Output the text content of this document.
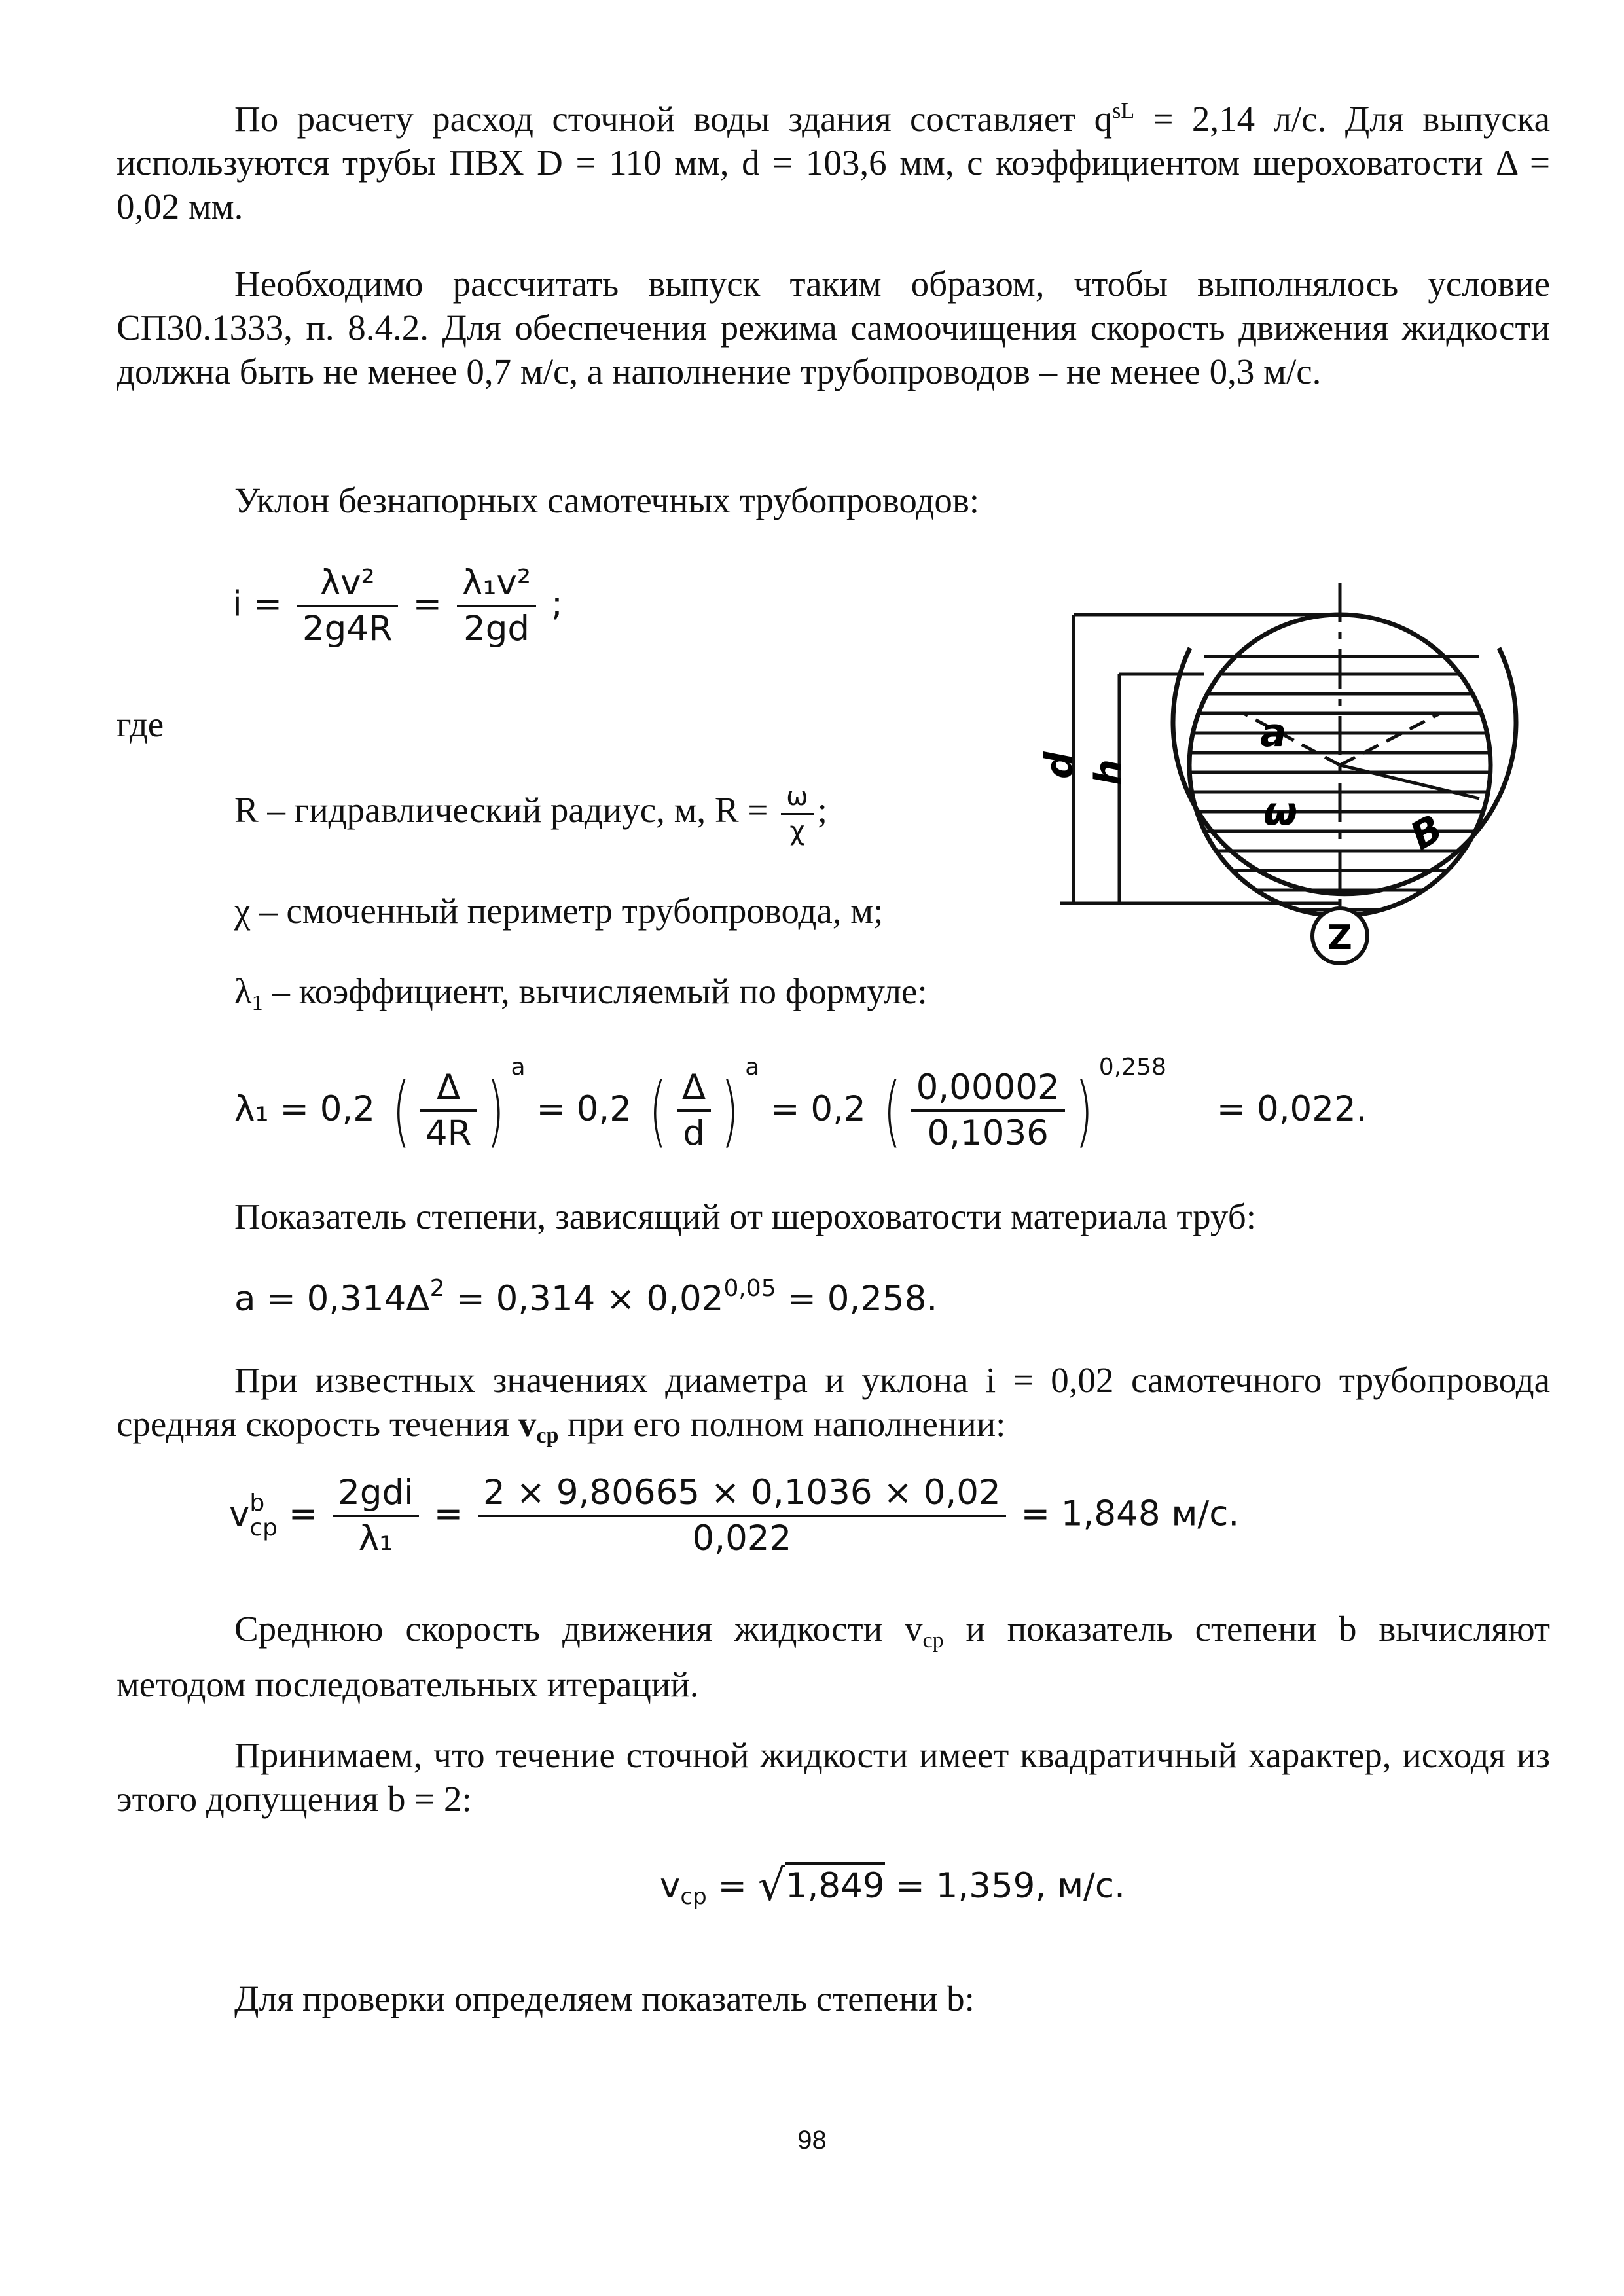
По расчету расход сточной воды здания составляет $q^{sL} = 2,14$ л/с. Для выпуска используются трубы ПВХ D = 110 мм, d = 103,6 мм, с коэффициентом шероховатости Δ = 0,02 мм.
Необходимо рассчитать выпуск таким образом, чтобы выполнялось условие СП30.1333, п. 8.4.2. Для обеспечения режима самоочищения скорость движения жидкости должна быть не менее 0,7 м/с, а наполнение трубопроводов – не менее 0,3 м/с.
Уклон безнапорных самотечных трубопроводов:
$i = \frac{\text{λv²}}{2g4R} = \frac{\text{λ₁v²}}{2gd}$ ;
где
R – гидравлический радиус, м, $R = \frac{\omega}{\chi}$ ;
χ – смоченный периметр трубопровода, м;
λ1 – коэффициент, вычисляемый по формуле:
λ₁ = 0,2 ( $\frac{\Delta}{4R}$ ) $^a$ = 0,2 ( $\frac{\Delta}{d}$ ) $^a$ = 0,2 ( $\frac{0,00002}{0,1036}$ ) $^{0,258}$ = 0,022.
Показатель степени, зависящий от шероховатости материала труб:
$a = 0,314\Delta^2 = 0,314 \times 0,02^{0,05} = 0,258$.
При известных значениях диаметра и уклона i = 0,02 самотечного трубопровода средняя скорость течения vср при его полном наполнении:
v b
ср = $\frac{\text{2gdi}}{\text{λ₁}} = \frac{2 \times 9,80665 \times 0,1036 \times 0,02}{0,022} = 1,848$ м/с.
Среднюю скорость движения жидкости vср и показатель степени b вычисляют методом последовательных итераций.
Принимаем, что течение сточной жидкости имеет квадратичный характер, исходя из этого допущения b = 2:
vср = √1,849 = 1,359, м/с.
Для проверки определяем показатель степени b:
d h
a
ω	B
Z
98
